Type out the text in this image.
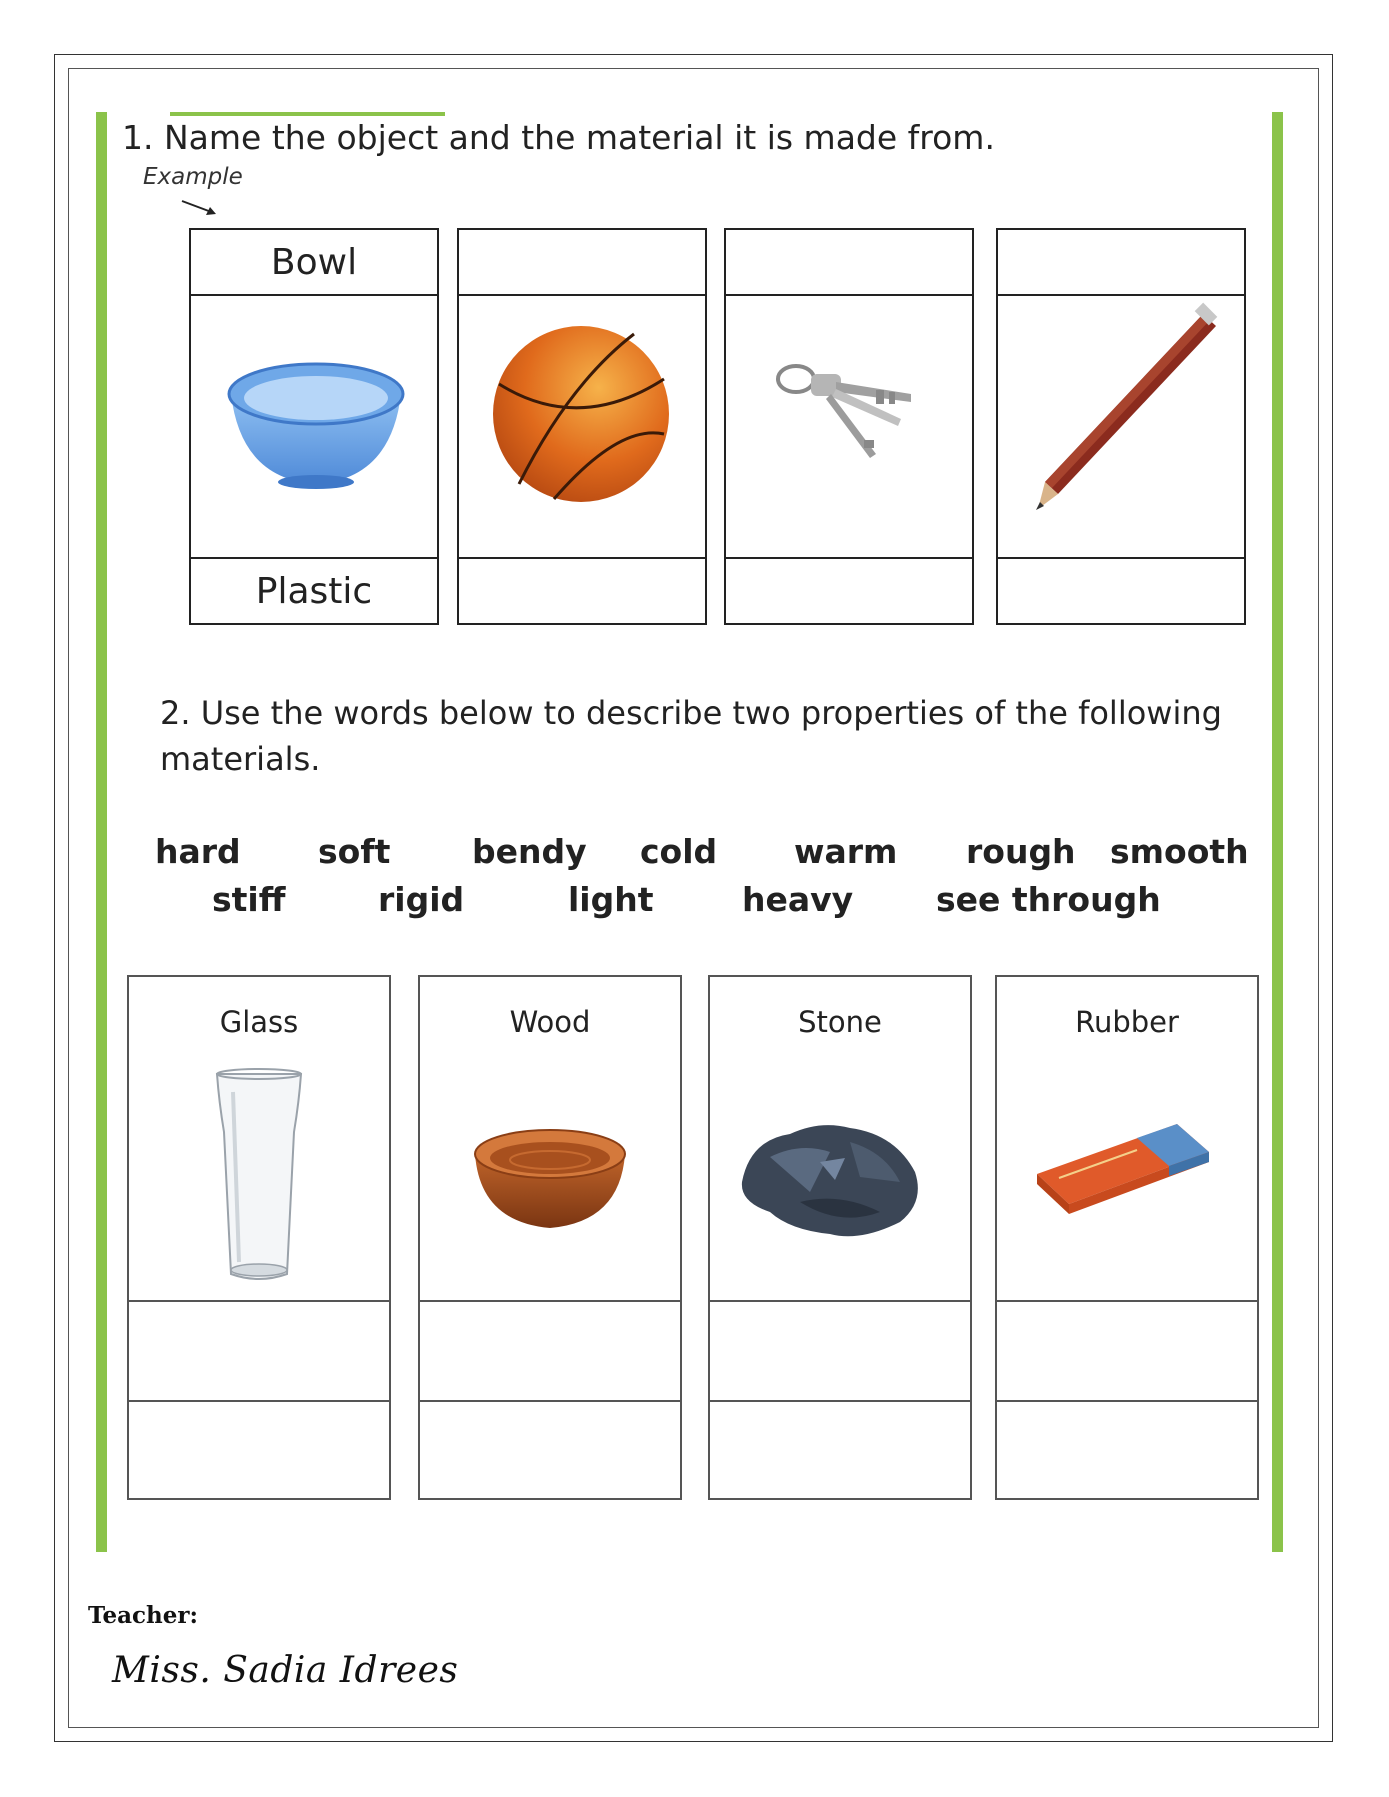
1. Name the object and the material it is made from.
Example
Bowl
Plastic
2. Use the words below to describe two properties of the following materials.
hard soft bendy cold warm rough smooth
stiff	rigid	light	heavy	see through
Glass	Wood	Stone	Rubber
Teacher:
Miss. Sadia Idrees
